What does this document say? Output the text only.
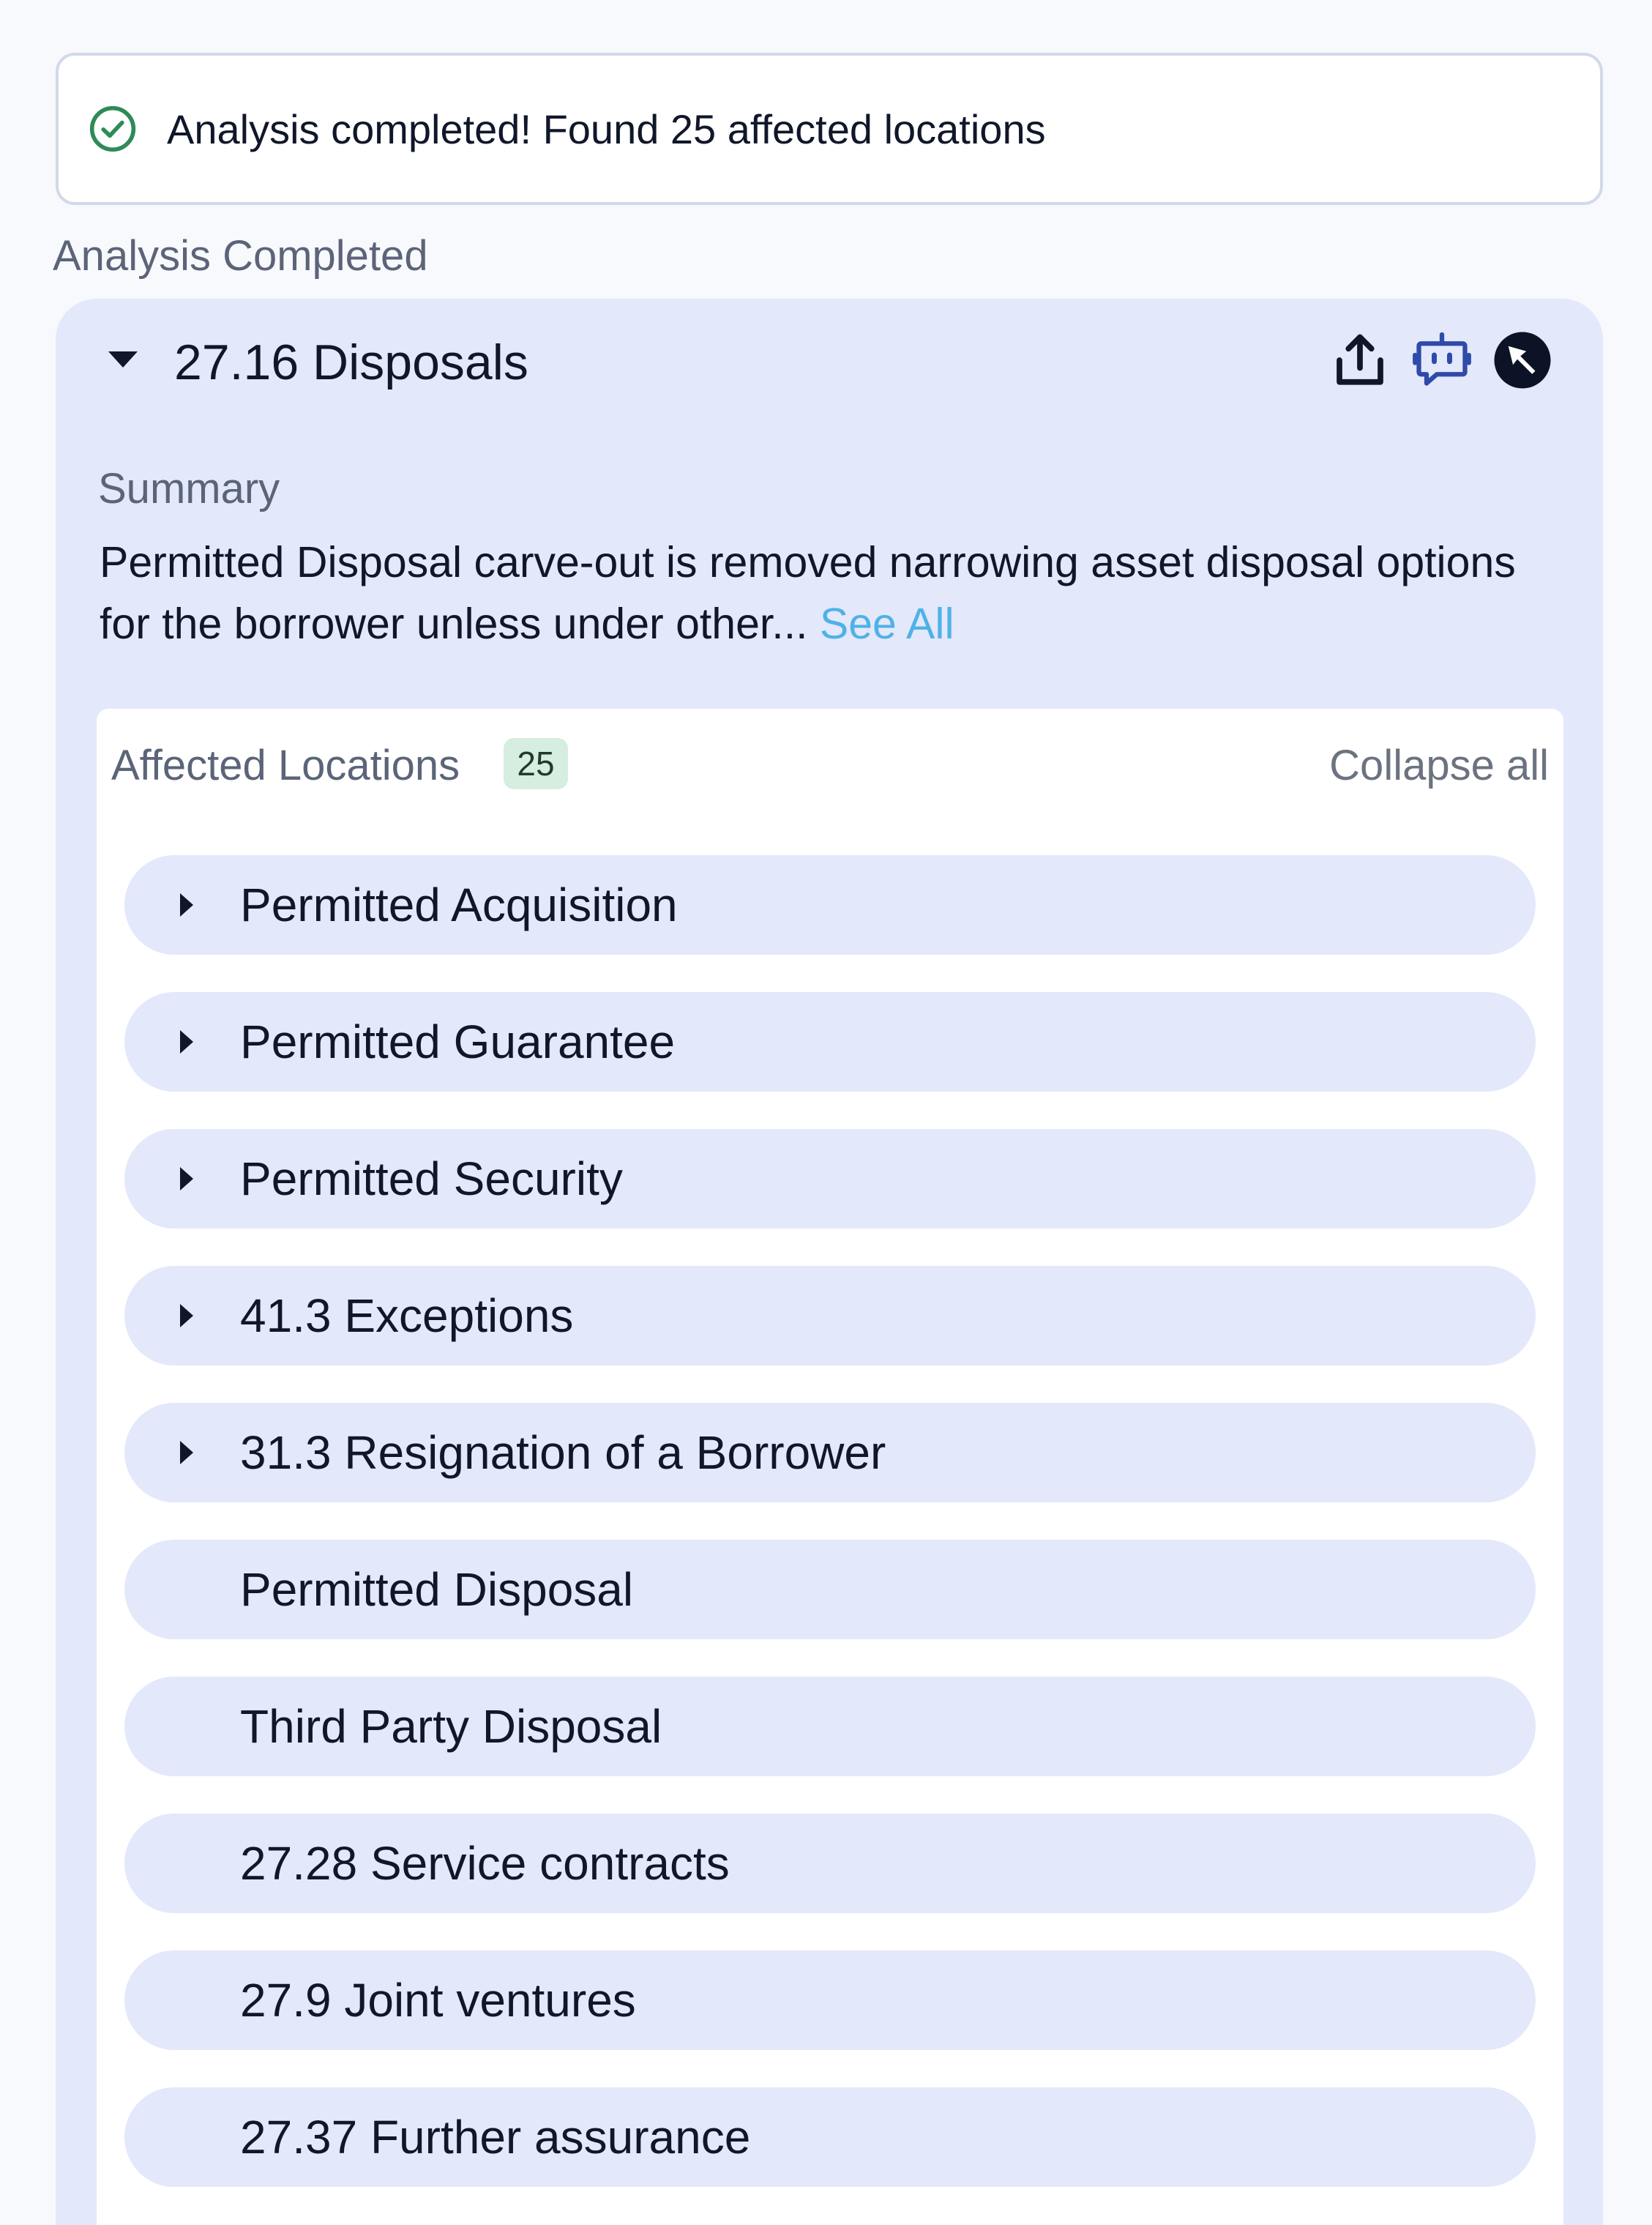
Analysis completed! Found 25 affected locations
Analysis Completed
27.16 Disposals
Summary
Permitted Disposal carve-out is removed narrowing asset disposal options for the borrower unless under other... See All
Affected Locations	25	Collapse all
Permitted Acquisition
Permitted Guarantee
Permitted Security
41.3 Exceptions
31.3 Resignation of a Borrower
Permitted Disposal
Third Party Disposal
27.28 Service contracts
27.9 Joint ventures
27.37 Further assurance
